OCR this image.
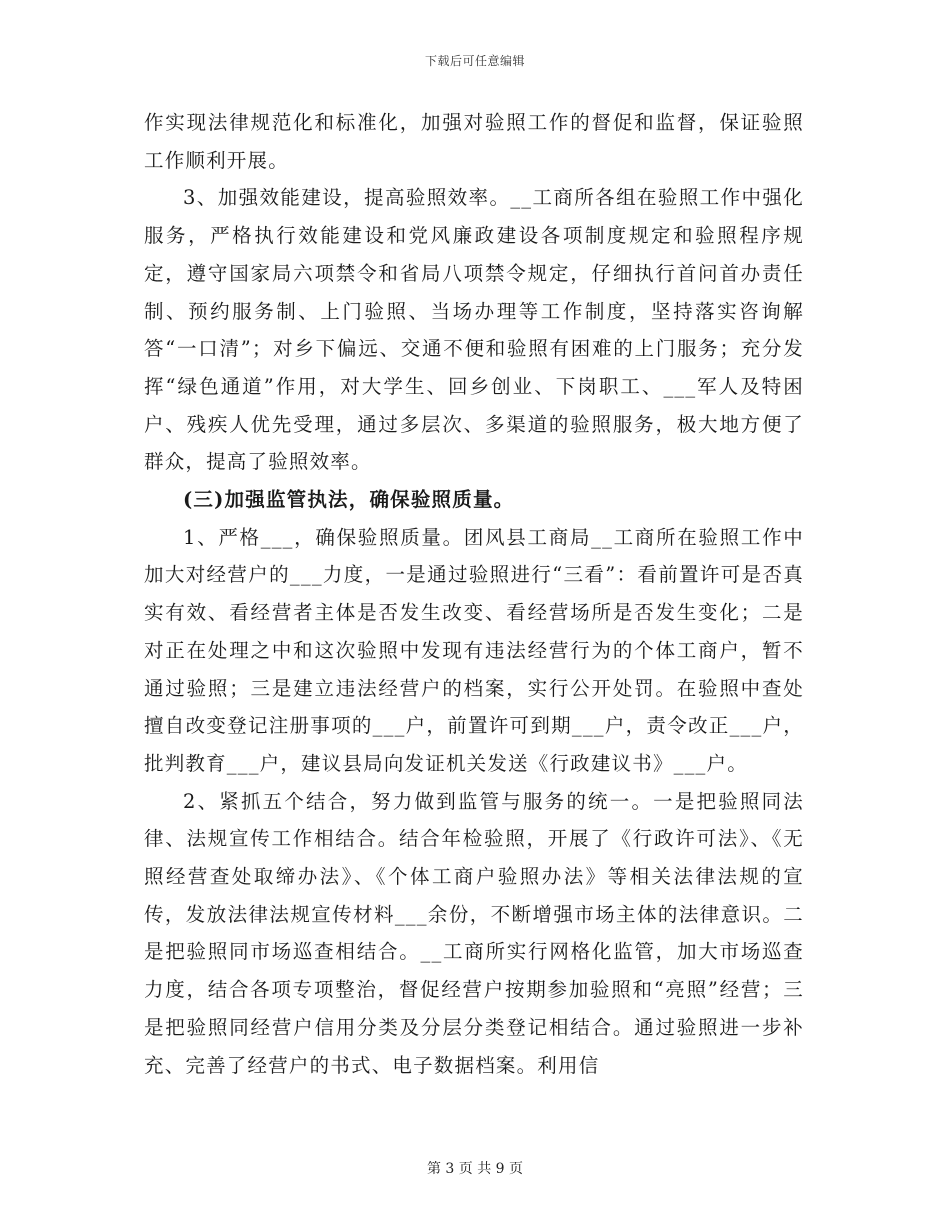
下载后可任意编辑

作实现法律规范化和标准化，加强对验照工作的督促和监督，保证验照工作顺利开展。

3、加强效能建设，提高验照效率。__工商所各组在验照工作中强化服务，严格执行效能建设和党风廉政建设各项制度规定和验照程序规定，遵守国家局六项禁令和省局八项禁令规定，仔细执行首问首办责任制、预约服务制、上门验照、当场办理等工作制度，坚持落实咨询解答“一口清”；对乡下偏远、交通不便和验照有困难的上门服务；充分发挥“绿色通道”作用，对大学生、回乡创业、下岗职工、___军人及特困户、残疾人优先受理，通过多层次、多渠道的验照服务，极大地方便了群众，提高了验照效率。

(三)加强监管执法，确保验照质量。

1、严格___，确保验照质量。团风县工商局__工商所在验照工作中加大对经营户的___力度，一是通过验照进行“三看”：看前置许可是否真实有效、看经营者主体是否发生改变、看经营场所是否发生变化；二是对正在处理之中和这次验照中发现有违法经营行为的个体工商户，暂不通过验照；三是建立违法经营户的档案，实行公开处罚。在验照中查处擅自改变登记注册事项的___户，前置许可到期___户，责令改正___户，批判教育___户，建议县局向发证机关发送《行政建议书》___户。

2、紧抓五个结合，努力做到监管与服务的统一。一是把验照同法律、法规宣传工作相结合。结合年检验照，开展了《行政许可法》、《无照经营查处取缔办法》、《个体工商户验照办法》等相关法律法规的宣传，发放法律法规宣传材料___余份，不断增强市场主体的法律意识。二是把验照同市场巡查相结合。__工商所实行网格化监管，加大市场巡查力度，结合各项专项整治，督促经营户按期参加验照和“亮照”经营；三是把验照同经营户信用分类及分层分类登记相结合。通过验照进一步补充、完善了经营户的书式、电子数据档案。利用信

第 3 页 共 9 页
